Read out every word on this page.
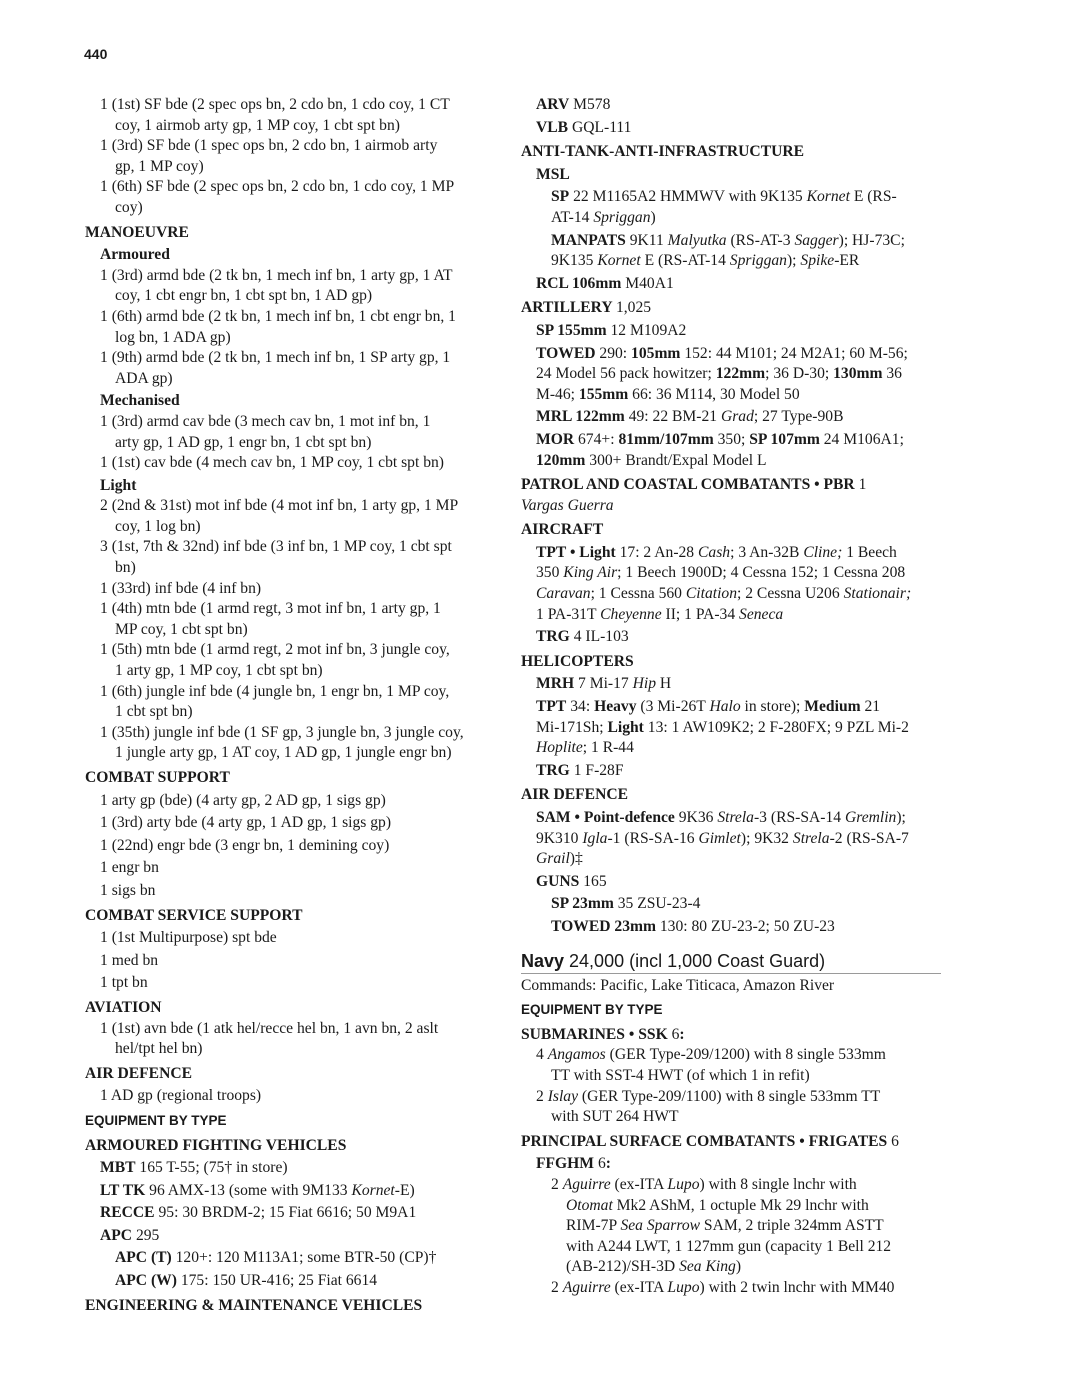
440
1 (1st) SF bde (2 spec ops bn, 2 cdo bn, 1 cdo coy, 1 CT
coy, 1 airmob arty gp, 1 MP coy, 1 cbt spt bn)
1 (3rd) SF bde (1 spec ops bn, 2 cdo bn, 1 airmob arty
gp, 1 MP coy)
1 (6th) SF bde (2 spec ops bn, 2 cdo bn, 1 cdo coy, 1 MP
coy)
MANOEUVRE
Armoured
1 (3rd) armd bde (2 tk bn, 1 mech inf bn, 1 arty gp, 1 AT
coy, 1 cbt engr bn, 1 cbt spt bn, 1 AD gp)
1 (6th) armd bde (2 tk bn, 1 mech inf bn, 1 cbt engr bn, 1
log bn, 1 ADA gp)
1 (9th) armd bde (2 tk bn, 1 mech inf bn, 1 SP arty gp, 1
ADA gp)
Mechanised
1 (3rd) armd cav bde (3 mech cav bn, 1 mot inf bn, 1
arty gp, 1 AD gp, 1 engr bn, 1 cbt spt bn)
1 (1st) cav bde (4 mech cav bn, 1 MP coy, 1 cbt spt bn)
Light
2 (2nd & 31st) mot inf bde (4 mot inf bn, 1 arty gp, 1 MP
coy, 1 log bn)
3 (1st, 7th & 32nd) inf bde (3 inf bn, 1 MP coy, 1 cbt spt
bn)
1 (33rd) inf bde (4 inf bn)
1 (4th) mtn bde (1 armd regt, 3 mot inf bn, 1 arty gp, 1
MP coy, 1 cbt spt bn)
1 (5th) mtn bde (1 armd regt, 2 mot inf bn, 3 jungle coy,
1 arty gp, 1 MP coy, 1 cbt spt bn)
1 (6th) jungle inf bde (4 jungle bn, 1 engr bn, 1 MP coy,
1 cbt spt bn)
1 (35th) jungle inf bde (1 SF gp, 3 jungle bn, 3 jungle coy,
1 jungle arty gp, 1 AT coy, 1 AD gp, 1 jungle engr bn)
COMBAT SUPPORT
1 arty gp (bde) (4 arty gp, 2 AD gp, 1 sigs gp)
1 (3rd) arty bde (4 arty gp, 1 AD gp, 1 sigs gp)
1 (22nd) engr bde (3 engr bn, 1 demining coy)
1 engr bn
1 sigs bn
COMBAT SERVICE SUPPORT
1 (1st Multipurpose) spt bde
1 med bn
1 tpt bn
AVIATION
1 (1st) avn bde (1 atk hel/recce hel bn, 1 avn bn, 2 aslt
hel/tpt hel bn)
AIR DEFENCE
1 AD gp (regional troops)
EQUIPMENT BY TYPE
ARMOURED FIGHTING VEHICLES
MBT 165 T-55; (75† in store)
LT TK 96 AMX-13 (some with 9M133 Kornet-E)
RECCE 95: 30 BRDM-2; 15 Fiat 6616; 50 M9A1
APC 295
APC (T) 120+: 120 M113A1; some BTR-50 (CP)†
APC (W) 175: 150 UR-416; 25 Fiat 6614
ENGINEERING & MAINTENANCE VEHICLES
ARV M578
VLB GQL-111
ANTI-TANK-ANTI-INFRASTRUCTURE
MSL
SP 22 M1165A2 HMMWV with 9K135 Kornet E (RS-
AT-14 Spriggan)
MANPATS 9K11 Malyutka (RS-AT-3 Sagger); HJ-73C;
9K135 Kornet E (RS-AT-14 Spriggan); Spike-ER
RCL 106mm M40A1
ARTILLERY 1,025
SP 155mm 12 M109A2
TOWED 290: 105mm 152: 44 M101; 24 M2A1; 60 M-56;
24 Model 56 pack howitzer; 122mm; 36 D-30; 130mm 36
M-46; 155mm 66: 36 M114, 30 Model 50
MRL 122mm 49: 22 BM-21 Grad; 27 Type-90B
MOR 674+: 81mm/107mm 350; SP 107mm 24 M106A1;
120mm 300+ Brandt/Expal Model L
PATROL AND COASTAL COMBATANTS • PBR 1
Vargas Guerra
AIRCRAFT
TPT • Light 17: 2 An-28 Cash; 3 An-32B Cline; 1 Beech
350 King Air; 1 Beech 1900D; 4 Cessna 152; 1 Cessna 208
Caravan; 1 Cessna 560 Citation; 2 Cessna U206 Stationair;
1 PA-31T Cheyenne II; 1 PA-34 Seneca
TRG 4 IL-103
HELICOPTERS
MRH 7 Mi-17 Hip H
TPT 34: Heavy (3 Mi-26T Halo in store); Medium 21
Mi-171Sh; Light 13: 1 AW109K2; 2 F-280FX; 9 PZL Mi-2
Hoplite; 1 R-44
TRG 1 F-28F
AIR DEFENCE
SAM • Point-defence 9K36 Strela-3 (RS-SA-14 Gremlin);
9K310 Igla-1 (RS-SA-16 Gimlet); 9K32 Strela-2 (RS-SA-7
Grail)‡
GUNS 165
SP 23mm 35 ZSU-23-4
TOWED 23mm 130: 80 ZU-23-2; 50 ZU-23
Navy 24,000 (incl 1,000 Coast Guard)
Commands: Pacific, Lake Titicaca, Amazon River
EQUIPMENT BY TYPE
SUBMARINES • SSK 6:
4 Angamos (GER Type-209/1200) with 8 single 533mm
TT with SST-4 HWT (of which 1 in refit)
2 Islay (GER Type-209/1100) with 8 single 533mm TT
with SUT 264 HWT
PRINCIPAL SURFACE COMBATANTS • FRIGATES 6
FFGHM 6:
2 Aguirre (ex-ITA Lupo) with 8 single lnchr with
Otomat Mk2 AShM, 1 octuple Mk 29 lnchr with
RIM-7P Sea Sparrow SAM, 2 triple 324mm ASTT
with A244 LWT, 1 127mm gun (capacity 1 Bell 212
(AB-212)/SH-3D Sea King)
2 Aguirre (ex-ITA Lupo) with 2 twin lnchr with MM40
